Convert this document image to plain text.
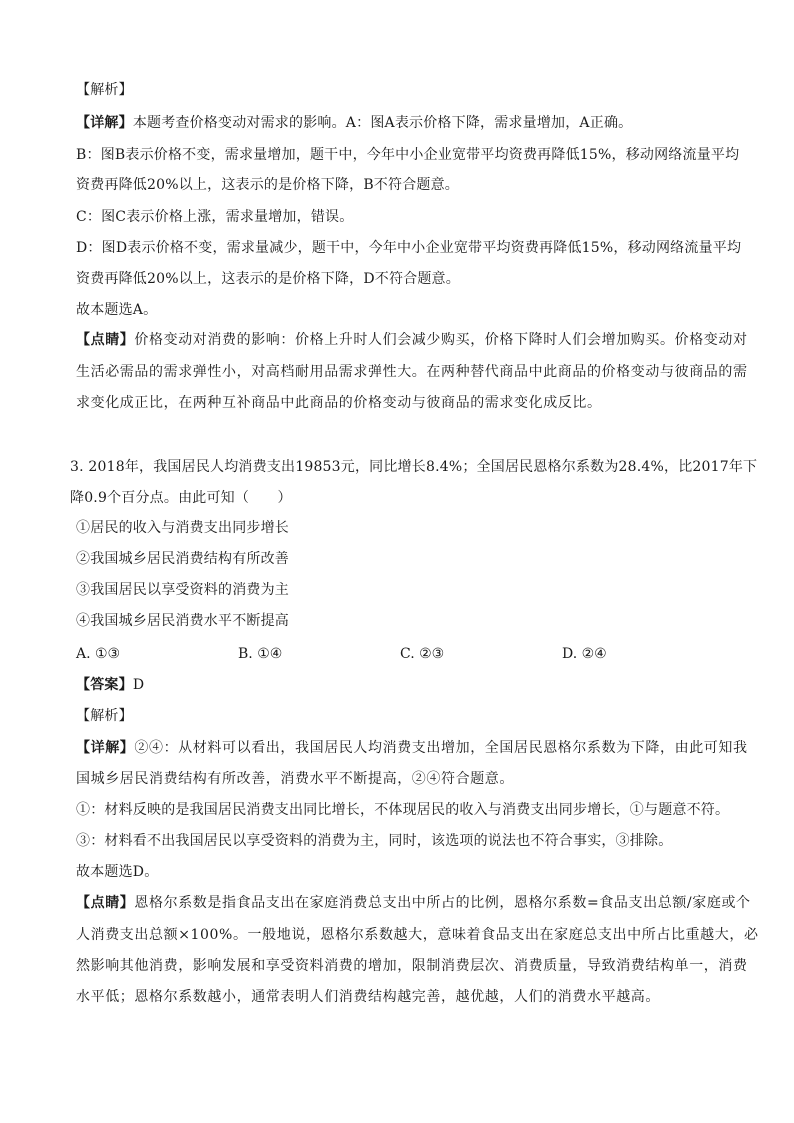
【解析】
【详解】本题考查价格变动对需求的影响。A：图A表示价格下降，需求量增加，A正确。
B：图B表示价格不变，需求量增加，题干中，今年中小企业宽带平均资费再降低15%，移动网络流量平均
资费再降低20%以上，这表示的是价格下降，B不符合题意。
C：图C表示价格上涨，需求量增加，错误。
D：图D表示价格不变，需求量减少，题干中，今年中小企业宽带平均资费再降低15%，移动网络流量平均
资费再降低20%以上，这表示的是价格下降，D不符合题意。
故本题选A。
【点睛】价格变动对消费的影响：价格上升时人们会减少购买，价格下降时人们会增加购买。价格变动对
生活必需品的需求弹性小，对高档耐用品需求弹性大。在两种替代商品中此商品的价格变动与彼商品的需
求变化成正比，在两种互补商品中此商品的价格变动与彼商品的需求变化成反比。
3. 2018年，我国居民人均消费支出19853元，同比增长8.4%；全国居民恩格尔系数为28.4%，比2017年下
降0.9个百分点。由此可知（　　）
①居民的收入与消费支出同步增长
②我国城乡居民消费结构有所改善
③我国居民以享受资料的消费为主
④我国城乡居民消费水平不断提高
A. ①③	B. ①④	C. ②③	D. ②④
【答案】D
【解析】
【详解】②④：从材料可以看出，我国居民人均消费支出增加，全国居民恩格尔系数为下降，由此可知我
国城乡居民消费结构有所改善，消费水平不断提高，②④符合题意。
①：材料反映的是我国居民消费支出同比增长，不体现居民的收入与消费支出同步增长，①与题意不符。
③：材料看不出我国居民以享受资料的消费为主，同时，该选项的说法也不符合事实，③排除。
故本题选D。
【点睛】恩格尔系数是指食品支出在家庭消费总支出中所占的比例，恩格尔系数=食品支出总额/家庭或个
人消费支出总额×100%。一般地说，恩格尔系数越大，意味着食品支出在家庭总支出中所占比重越大，必
然影响其他消费，影响发展和享受资料消费的增加，限制消费层次、消费质量，导致消费结构单一，消费
水平低；恩格尔系数越小，通常表明人们消费结构越完善，越优越，人们的消费水平越高。
